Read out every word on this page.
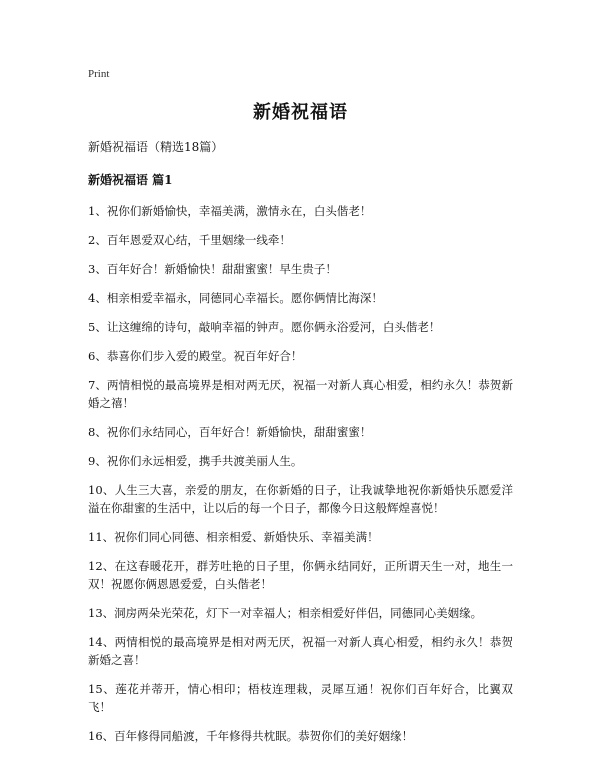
Print
新婚祝福语
新婚祝福语（精选18篇）
新婚祝福语 篇1
1、祝你们新婚愉快，幸福美满，激情永在，白头偕老！
2、百年恩爱双心结，千里姻缘一线牵！
3、百年好合！新婚愉快！甜甜蜜蜜！早生贵子！
4、相亲相爱幸福永，同德同心幸福长。愿你俩情比海深！
5、让这缠绵的诗句，敲响幸福的钟声。愿你俩永浴爱河，白头偕老！
6、恭喜你们步入爱的殿堂。祝百年好合！
7、两情相悦的最高境界是相对两无厌，祝福一对新人真心相爱，相约永久！恭贺新婚之禧！
8、祝你们永结同心，百年好合！新婚愉快，甜甜蜜蜜！
9、祝你们永远相爱，携手共渡美丽人生。
10、人生三大喜，亲爱的朋友，在你新婚的日子，让我诚挚地祝你新婚快乐愿爱洋溢在你甜蜜的生活中，让以后的每一个日子，都像今日这般辉煌喜悦！
11、祝你们同心同德、相亲相爱、新婚快乐、幸福美满！
12、在这春暖花开，群芳吐艳的日子里，你俩永结同好，正所谓天生一对，地生一双！祝愿你俩恩恩爱爱，白头偕老！
13、洞房两朵光荣花，灯下一对幸福人；相亲相爱好伴侣，同德同心美姻缘。
14、两情相悦的最高境界是相对两无厌，祝福一对新人真心相爱，相约永久！恭贺新婚之喜！
15、莲花并蒂开，情心相印；梧枝连理栽，灵犀互通！祝你们百年好合，比翼双飞！
16、百年修得同船渡，千年修得共枕眠。恭贺你们的美好姻缘！
